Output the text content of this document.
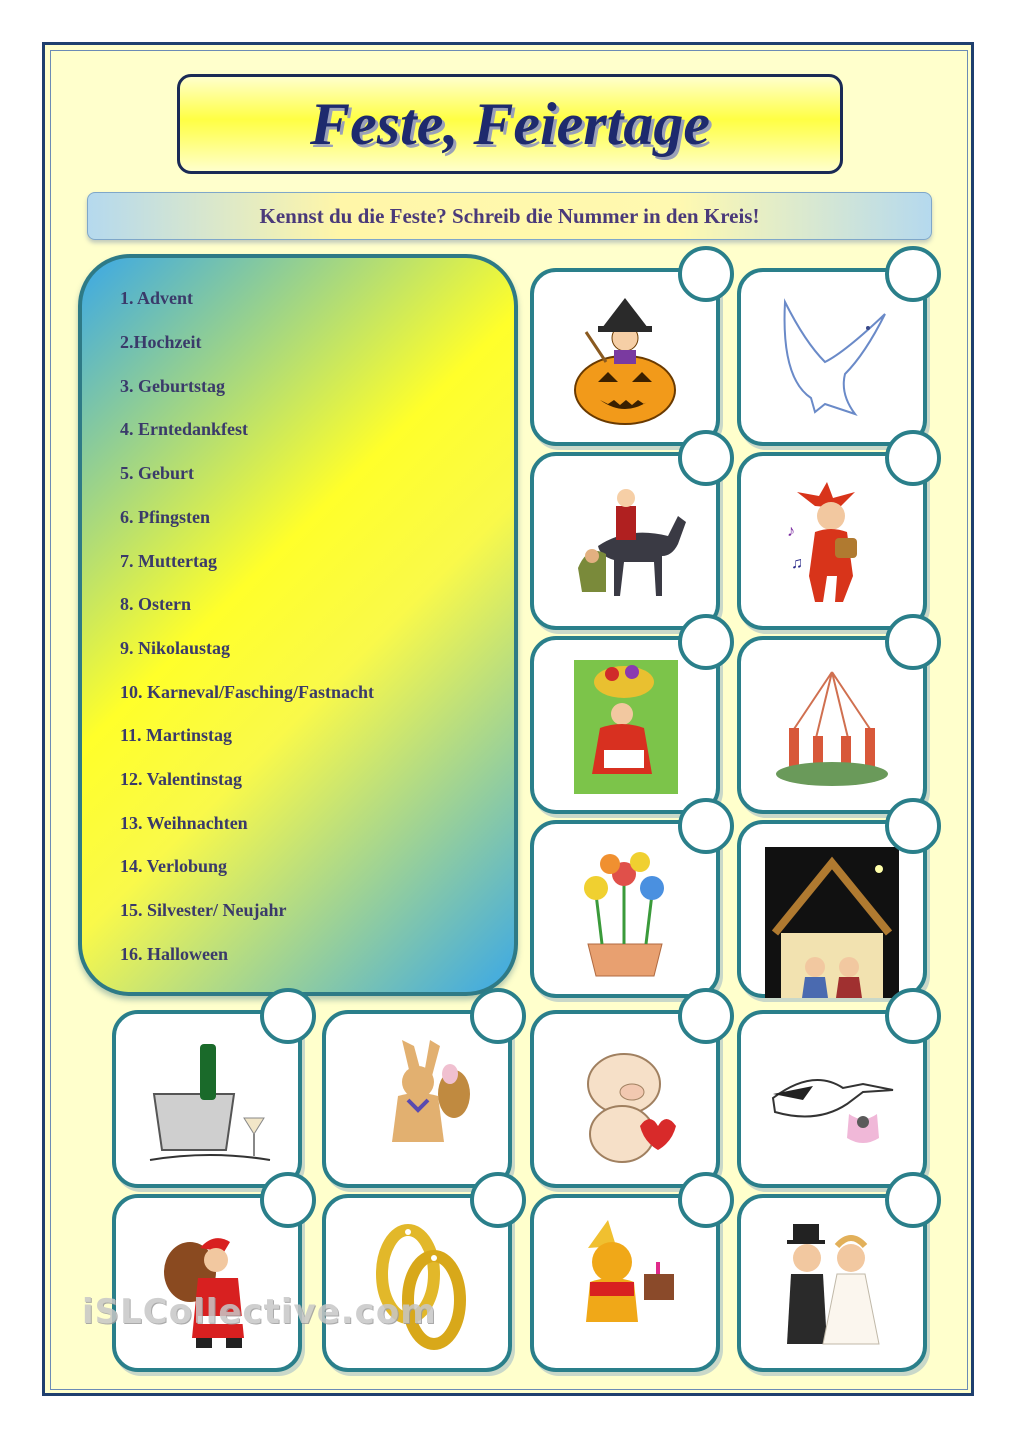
Feste, Feiertage
Kennst du die Feste? Schreib die Nummer in den Kreis!
1. Advent
2.Hochzeit
3. Geburtstag
4. Erntedankfest
5. Geburt
6. Pfingsten
7. Muttertag
8. Ostern
9. Nikolaustag
10. Karneval/Fasching/Fastnacht
11. Martinstag
12. Valentinstag
13. Weihnachten
14. Verlobung
15. Silvester/ Neujahr
16. Halloween
♪
♫
iSLCollective.com
